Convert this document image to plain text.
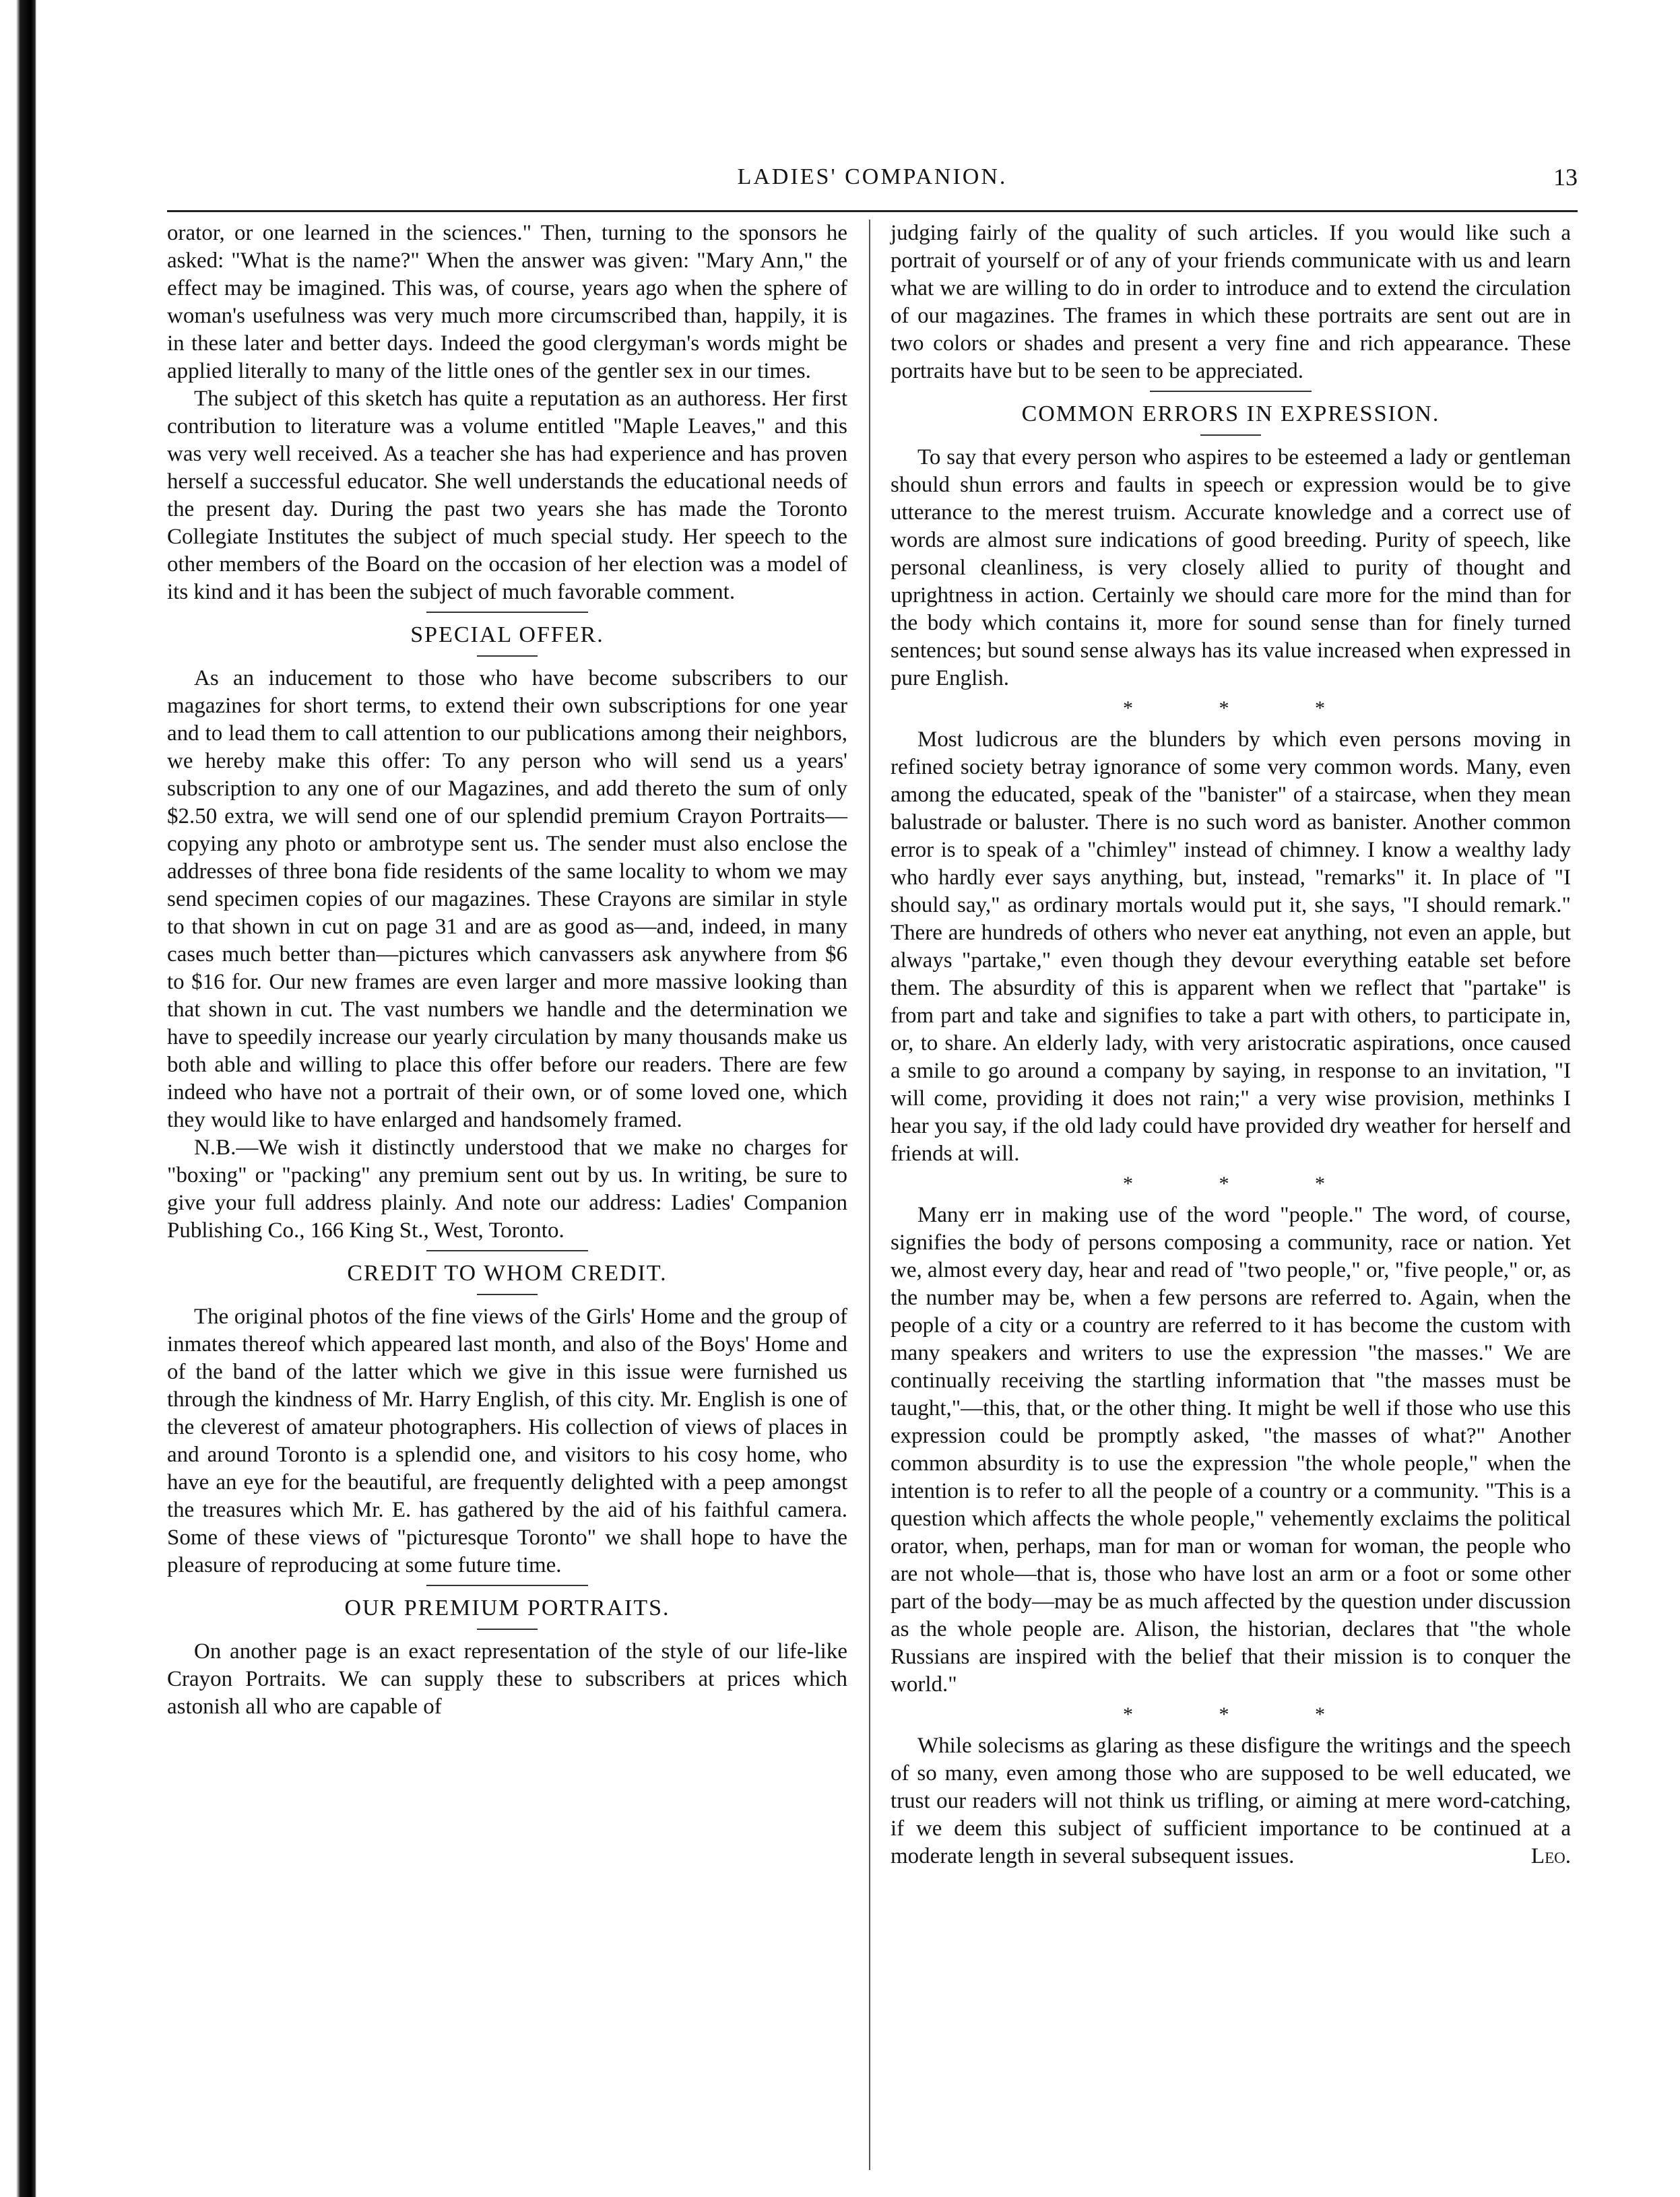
LADIES' COMPANION.	13

orator, or one learned in the sciences." Then, turning to the sponsors he asked: "What is the name?" When the answer was given: "Mary Ann," the effect may be imagined. This was, of course, years ago when the sphere of woman's usefulness was very much more circumscribed than, happily, it is in these later and better days. Indeed the good clergyman's words might be applied literally to many of the little ones of the gentler sex in our times.

The subject of this sketch has quite a reputation as an authoress. Her first contribution to literature was a volume entitled "Maple Leaves," and this was very well received. As a teacher she has had experience and has proven herself a successful educator. She well understands the educational needs of the present day. During the past two years she has made the Toronto Collegiate Institutes the subject of much special study. Her speech to the other members of the Board on the occasion of her election was a model of its kind and it has been the subject of much favorable comment.

SPECIAL OFFER.

As an inducement to those who have become subscribers to our magazines for short terms, to extend their own subscriptions for one year and to lead them to call attention to our publications among their neighbors, we hereby make this offer: To any person who will send us a years' subscription to any one of our Magazines, and add thereto the sum of only $2.50 extra, we will send one of our splendid premium Crayon Portraits—copying any photo or ambrotype sent us. The sender must also enclose the addresses of three bona fide residents of the same locality to whom we may send specimen copies of our magazines. These Crayons are similar in style to that shown in cut on page 31 and are as good as—and, indeed, in many cases much better than—pictures which canvassers ask anywhere from $6 to $16 for. Our new frames are even larger and more massive looking than that shown in cut. The vast numbers we handle and the determination we have to speedily increase our yearly circulation by many thousands make us both able and willing to place this offer before our readers. There are few indeed who have not a portrait of their own, or of some loved one, which they would like to have enlarged and handsomely framed.

N.B.—We wish it distinctly understood that we make no charges for "boxing" or "packing" any premium sent out by us. In writing, be sure to give your full address plainly. And note our address: Ladies' Companion Publishing Co., 166 King St., West, Toronto.

CREDIT TO WHOM CREDIT.

The original photos of the fine views of the Girls' Home and the group of inmates thereof which appeared last month, and also of the Boys' Home and of the band of the latter which we give in this issue were furnished us through the kindness of Mr. Harry English, of this city. Mr. English is one of the cleverest of amateur photographers. His collection of views of places in and around Toronto is a splendid one, and visitors to his cosy home, who have an eye for the beautiful, are frequently delighted with a peep amongst the treasures which Mr. E. has gathered by the aid of his faithful camera. Some of these views of "picturesque Toronto" we shall hope to have the pleasure of reproducing at some future time.

OUR PREMIUM PORTRAITS.

On another page is an exact representation of the style of our life-like Crayon Portraits. We can supply these to subscribers at prices which astonish all who are capable of

judging fairly of the quality of such articles. If you would like such a portrait of yourself or of any of your friends communicate with us and learn what we are willing to do in order to introduce and to extend the circulation of our magazines. The frames in which these portraits are sent out are in two colors or shades and present a very fine and rich appearance. These portraits have but to be seen to be appreciated.

COMMON ERRORS IN EXPRESSION.

To say that every person who aspires to be esteemed a lady or gentleman should shun errors and faults in speech or expression would be to give utterance to the merest truism. Accurate knowledge and a correct use of words are almost sure indications of good breeding. Purity of speech, like personal cleanliness, is very closely allied to purity of thought and uprightness in action. Certainly we should care more for the mind than for the body which contains it, more for sound sense than for finely turned sentences; but sound sense always has its value increased when expressed in pure English.

* * *

Most ludicrous are the blunders by which even persons moving in refined society betray ignorance of some very common words. Many, even among the educated, speak of the "banister" of a staircase, when they mean balustrade or baluster. There is no such word as banister. Another common error is to speak of a "chimley" instead of chimney. I know a wealthy lady who hardly ever says anything, but, instead, "remarks" it. In place of "I should say," as ordinary mortals would put it, she says, "I should remark." There are hundreds of others who never eat anything, not even an apple, but always "partake," even though they devour everything eatable set before them. The absurdity of this is apparent when we reflect that "partake" is from part and take and signifies to take a part with others, to participate in, or, to share. An elderly lady, with very aristocratic aspirations, once caused a smile to go around a company by saying, in response to an invitation, "I will come, providing it does not rain;" a very wise provision, methinks I hear you say, if the old lady could have provided dry weather for herself and friends at will.

* * *

Many err in making use of the word "people." The word, of course, signifies the body of persons composing a community, race or nation. Yet we, almost every day, hear and read of "two people," or, "five people," or, as the number may be, when a few persons are referred to. Again, when the people of a city or a country are referred to it has become the custom with many speakers and writers to use the expression "the masses." We are continually receiving the startling information that "the masses must be taught,"—this, that, or the other thing. It might be well if those who use this expression could be promptly asked, "the masses of what?" Another common absurdity is to use the expression "the whole people," when the intention is to refer to all the people of a country or a community. "This is a question which affects the whole people," vehemently exclaims the political orator, when, perhaps, man for man or woman for woman, the people who are not whole—that is, those who have lost an arm or a foot or some other part of the body—may be as much affected by the question under discussion as the whole people are. Alison, the historian, declares that "the whole Russians are inspired with the belief that their mission is to conquer the world."

* * *

While solecisms as glaring as these disfigure the writings and the speech of so many, even among those who are supposed to be well educated, we trust our readers will not think us trifling, or aiming at mere word-catching, if we deem this subject of sufficient importance to be continued at a moderate length in several subsequent issues.	Leo.
